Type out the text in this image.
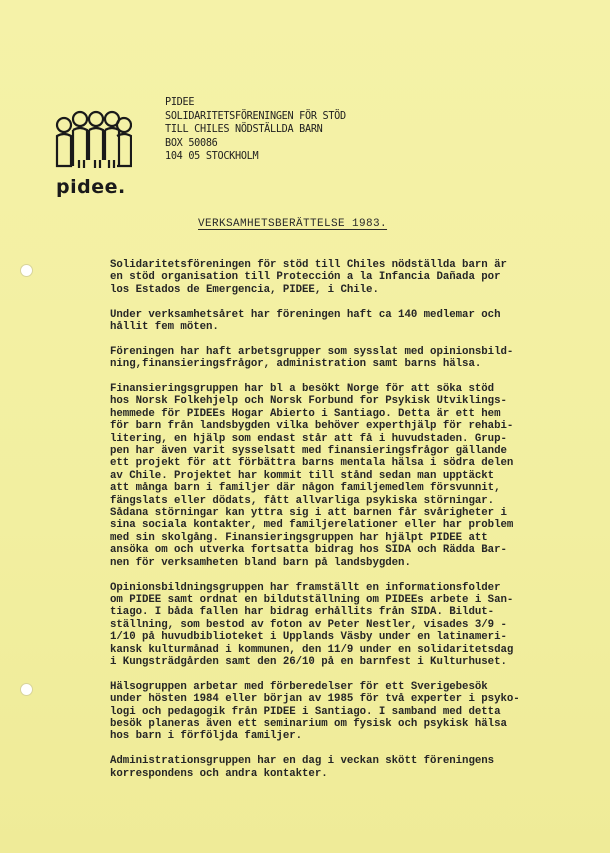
pidee.
PIDEE
SOLIDARITETSFÖRENINGEN FÖR STÖD
TILL CHILES NÖDSTÄLLDA BARN
BOX 50086
104 05 STOCKHOLM
VERKSAMHETSBERÄTTELSE 1983.

Solidaritetsföreningen för stöd till Chiles nödställda barn är
en stöd organisation till Protección a la Infancia Dañada por
los Estados de Emergencia, PIDEE, i Chile.

Under verksamhetsåret har föreningen haft ca 140 medlemar och
hållit fem möten.

Föreningen har haft arbetsgrupper som sysslat med opinionsbild-
ning,finansieringsfrågor, administration samt barns hälsa.

Finansieringsgruppen har bl a besökt Norge för att söka stöd
hos Norsk Folkehjelp och Norsk Forbund for Psykisk Utviklings-
hemmede för PIDEEs Hogar Abierto i Santiago. Detta är ett hem
för barn från landsbygden vilka behöver experthjälp för rehabi-
litering, en hjälp som endast står att få i huvudstaden. Grup-
pen har även varit sysselsatt med finansieringsfrågor gällande
ett projekt för att förbättra barns mentala hälsa i södra delen
av Chile. Projektet har kommit till stånd sedan man upptäckt
att många barn i familjer där någon familjemedlem försvunnit,
fängslats eller dödats, fått allvarliga psykiska störningar.
Sådana störningar kan yttra sig i att barnen får svårigheter i
sina sociala kontakter, med familjerelationer eller har problem
med sin skolgång. Finansieringsgruppen har hjälpt PIDEE att
ansöka om och utverka fortsatta bidrag hos SIDA och Rädda Bar-
nen för verksamheten bland barn på landsbygden.

Opinionsbildningsgruppen har framställt en informationsfolder
om PIDEE samt ordnat en bildutställning om PIDEEs arbete i San-
tiago. I båda fallen har bidrag erhållits från SIDA. Bildut-
ställning, som bestod av foton av Peter Nestler, visades 3/9 -
1/10 på huvudbiblioteket i Upplands Väsby under en latinameri-
kansk kulturmånad i kommunen, den 11/9 under en solidaritetsdag
i Kungsträdgården samt den 26/10 på en barnfest i Kulturhuset.

Hälsogruppen arbetar med förberedelser för ett Sverigebesök
under hösten 1984 eller början av 1985 för två experter i psyko-
logi och pedagogik från PIDEE i Santiago. I samband med detta
besök planeras även ett seminarium om fysisk och psykisk hälsa
hos barn i förföljda familjer.

Administrationsgruppen har en dag i veckan skött föreningens
korrespondens och andra kontakter.
